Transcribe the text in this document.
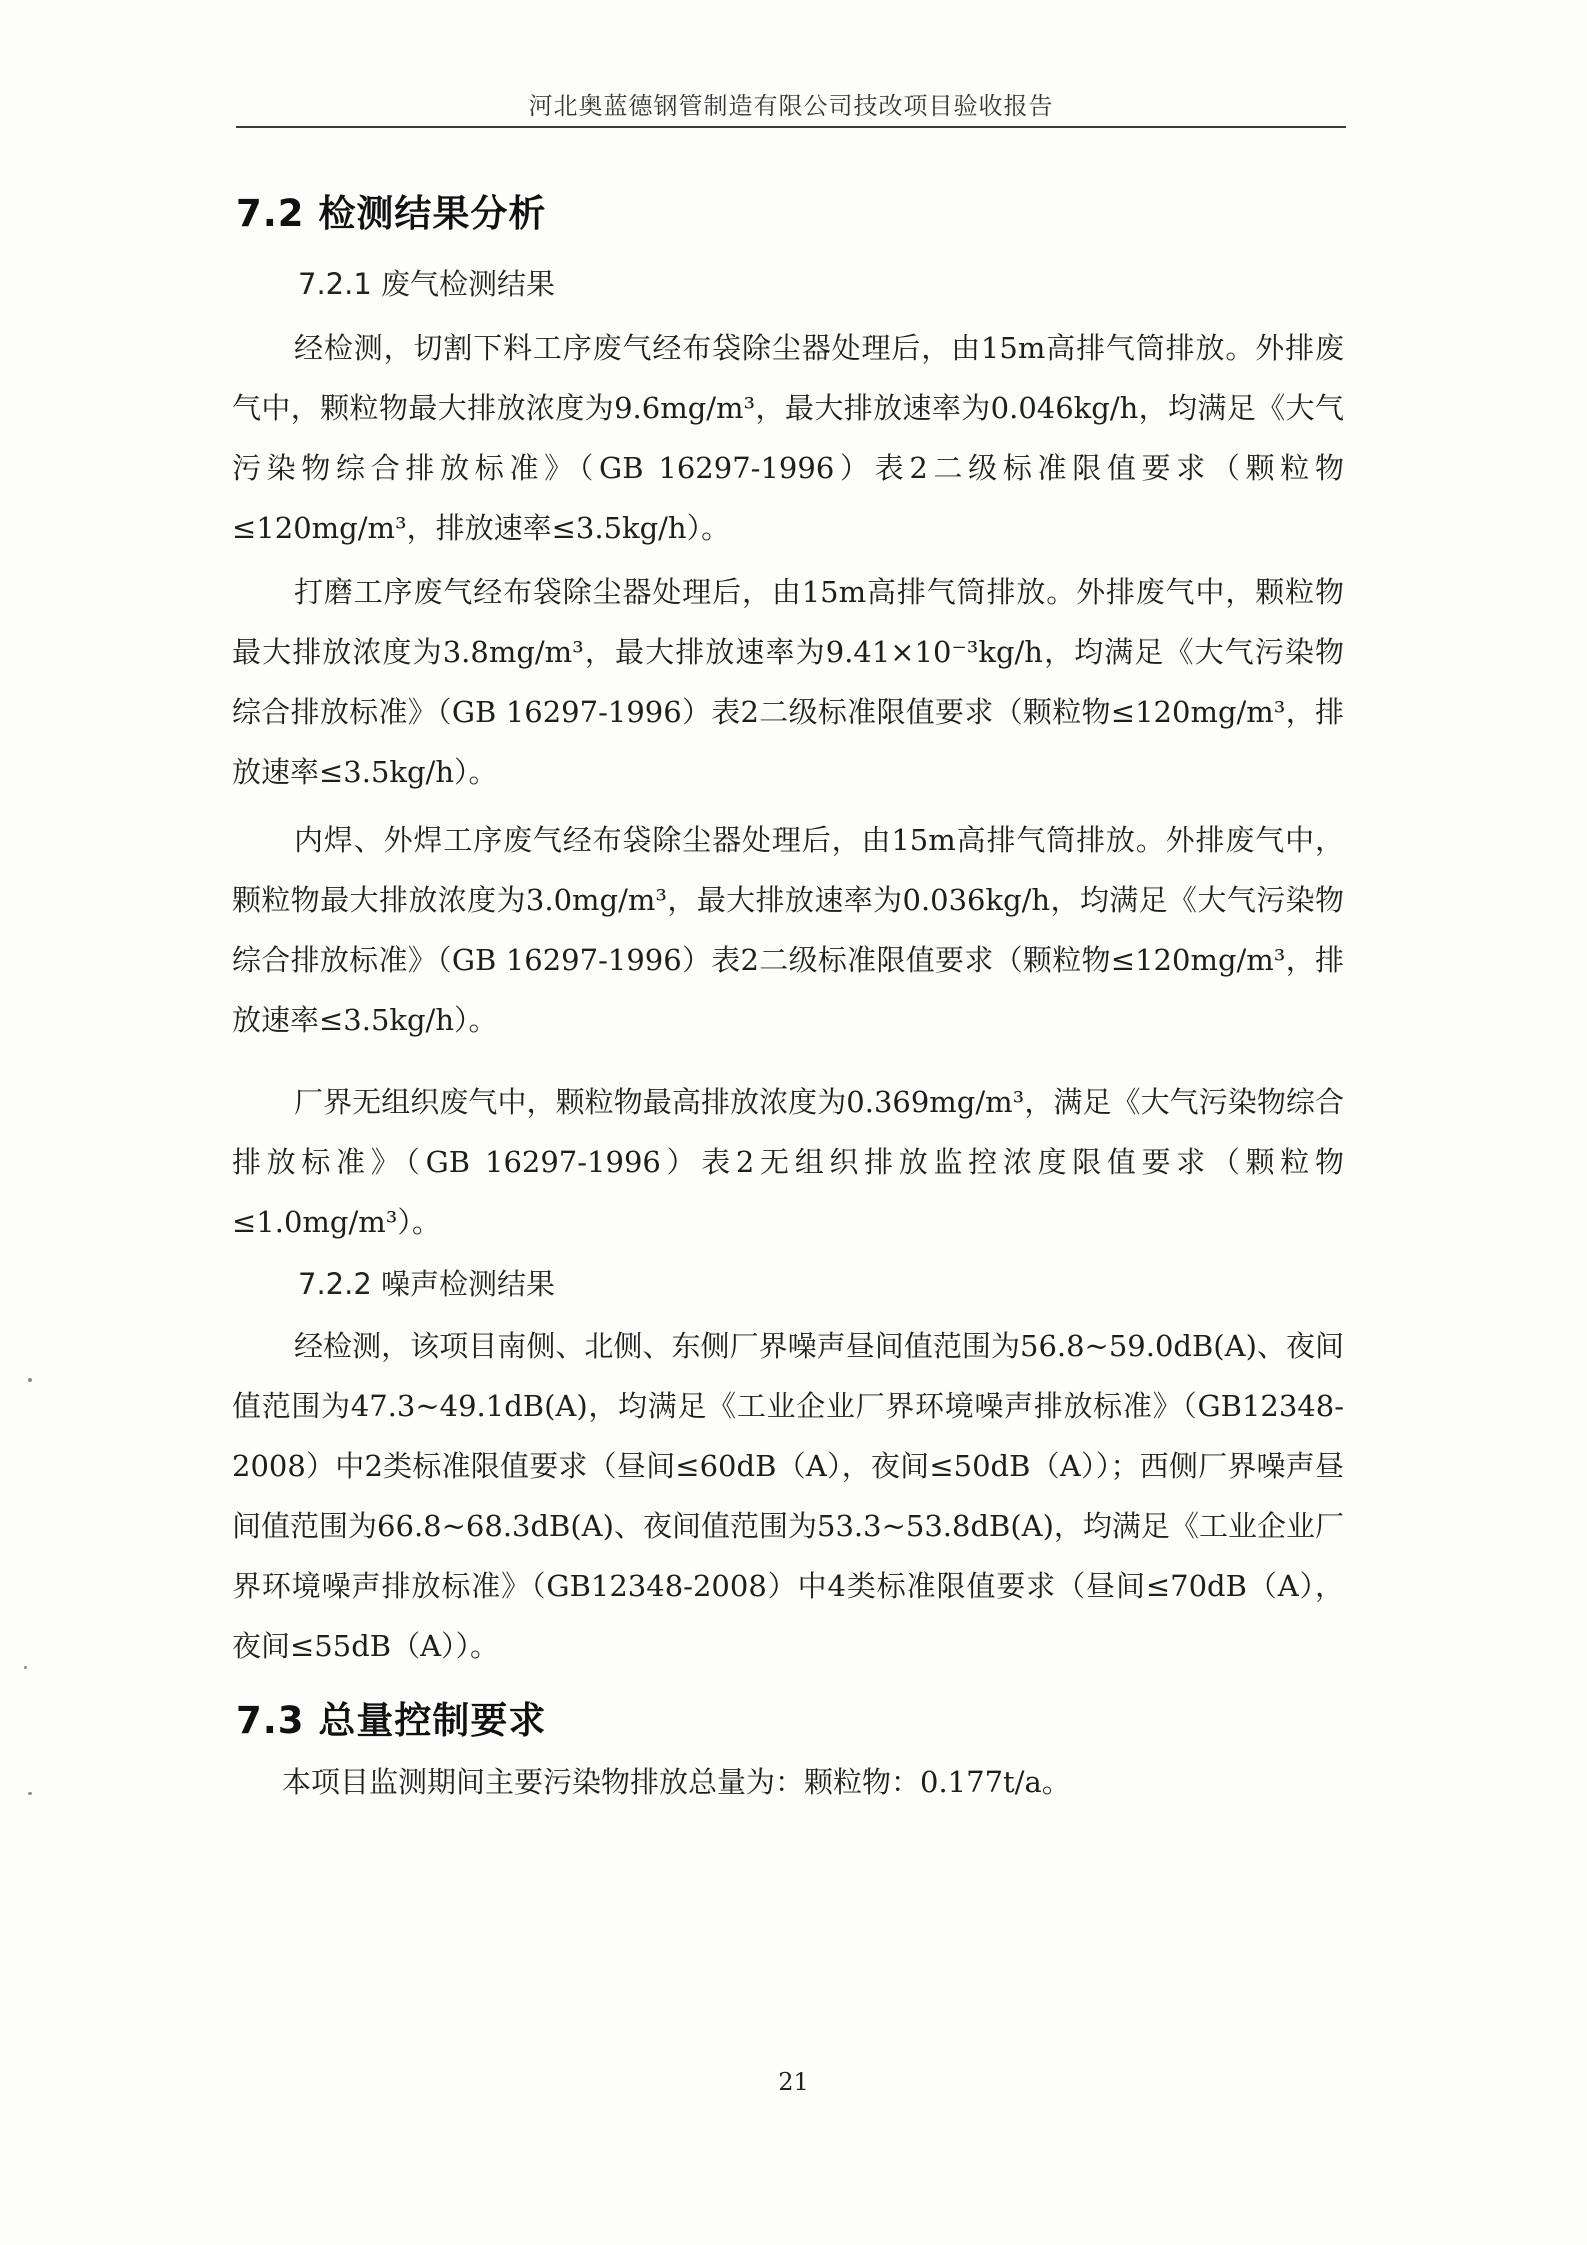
河北奥蓝德钢管制造有限公司技改项目验收报告
7.2 检测结果分析
7.2.1 废气检测结果

经检测，切割下料工序废气经布袋除尘器处理后，由15m高排气筒排放。外排废气中，颗粒物最大排放浓度为9.6mg/m³，最大排放速率为0.046kg/h，均满足《大气污染物综合排放标准》（GB 16297-1996）表2二级标准限值要求（颗粒物≤120mg/m³，排放速率≤3.5kg/h）。

打磨工序废气经布袋除尘器处理后，由15m高排气筒排放。外排废气中，颗粒物最大排放浓度为3.8mg/m³，最大排放速率为9.41×10⁻³kg/h，均满足《大气污染物综合排放标准》（GB 16297-1996）表2二级标准限值要求（颗粒物≤120mg/m³，排放速率≤3.5kg/h）。

内焊、外焊工序废气经布袋除尘器处理后，由15m高排气筒排放。外排废气中，颗粒物最大排放浓度为3.0mg/m³，最大排放速率为0.036kg/h，均满足《大气污染物综合排放标准》（GB 16297-1996）表2二级标准限值要求（颗粒物≤120mg/m³，排放速率≤3.5kg/h）。

厂界无组织废气中，颗粒物最高排放浓度为0.369mg/m³，满足《大气污染物综合排放标准》（GB 16297-1996）表2无组织排放监控浓度限值要求（颗粒物≤1.0mg/m³）。

7.2.2 噪声检测结果

经检测，该项目南侧、北侧、东侧厂界噪声昼间值范围为56.8~59.0dB(A)、夜间值范围为47.3~49.1dB(A)，均满足《工业企业厂界环境噪声排放标准》（GB12348-2008）中2类标准限值要求（昼间≤60dB（A），夜间≤50dB（A））；西侧厂界噪声昼间值范围为66.8~68.3dB(A)、夜间值范围为53.3~53.8dB(A)，均满足《工业企业厂界环境噪声排放标准》（GB12348-2008）中4类标准限值要求（昼间≤70dB（A），夜间≤55dB（A））。

7.3 总量控制要求

本项目监测期间主要污染物排放总量为：颗粒物：0.177t/a。

21
